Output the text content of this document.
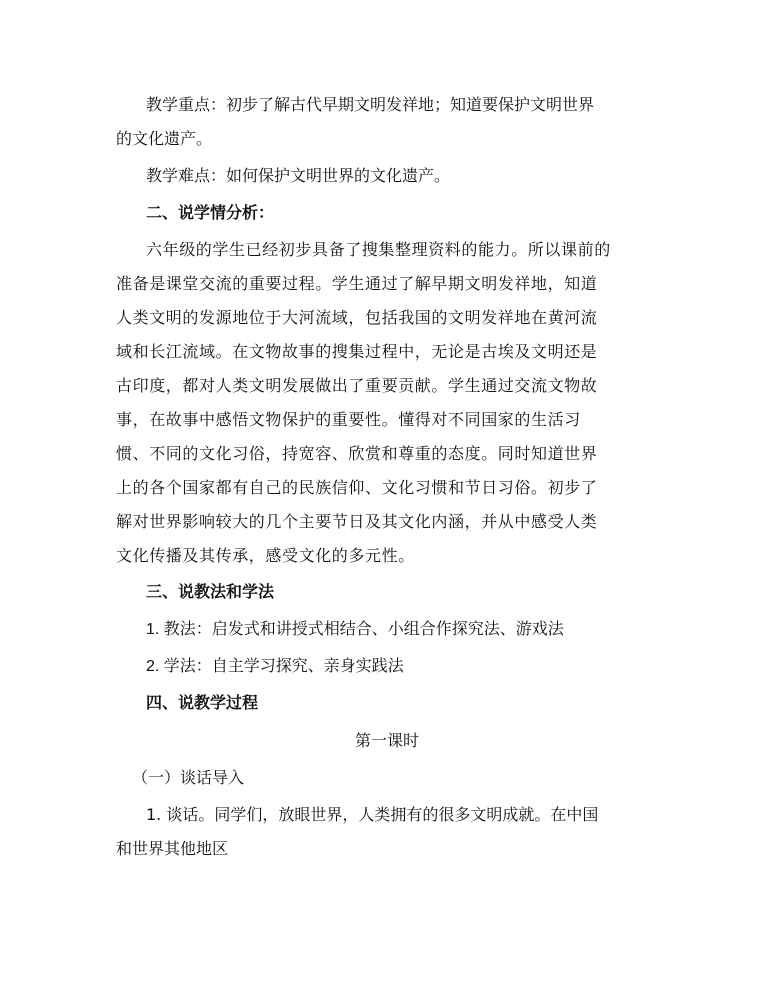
教学重点：初步了解古代早期文明发祥地；知道要保护文明世界
的文化遗产。
教学难点：如何保护文明世界的文化遗产。
二、说学情分析：
六年级的学生已经初步具备了搜集整理资料的能力。所以课前的
准备是课堂交流的重要过程。学生通过了解早期文明发祥地，知道
人类文明的发源地位于大河流域，包括我国的文明发祥地在黄河流
域和长江流域。在文物故事的搜集过程中，无论是古埃及文明还是
古印度，都对人类文明发展做出了重要贡献。学生通过交流文物故
事，在故事中感悟文物保护的重要性。懂得对不同国家的生活习
惯、不同的文化习俗，持宽容、欣赏和尊重的态度。同时知道世界
上的各个国家都有自己的民族信仰、文化习惯和节日习俗。初步了
解对世界影响较大的几个主要节日及其文化内涵，并从中感受人类
文化传播及其传承，感受文化的多元性。
三、说教法和学法
1. 教法：启发式和讲授式相结合、小组合作探究法、游戏法
2. 学法：自主学习探究、亲身实践法
四、说教学过程
第一课时
（一）谈话导入
1. 谈话。同学们，放眼世界，人类拥有的很多文明成就。在中国
和世界其他地区
